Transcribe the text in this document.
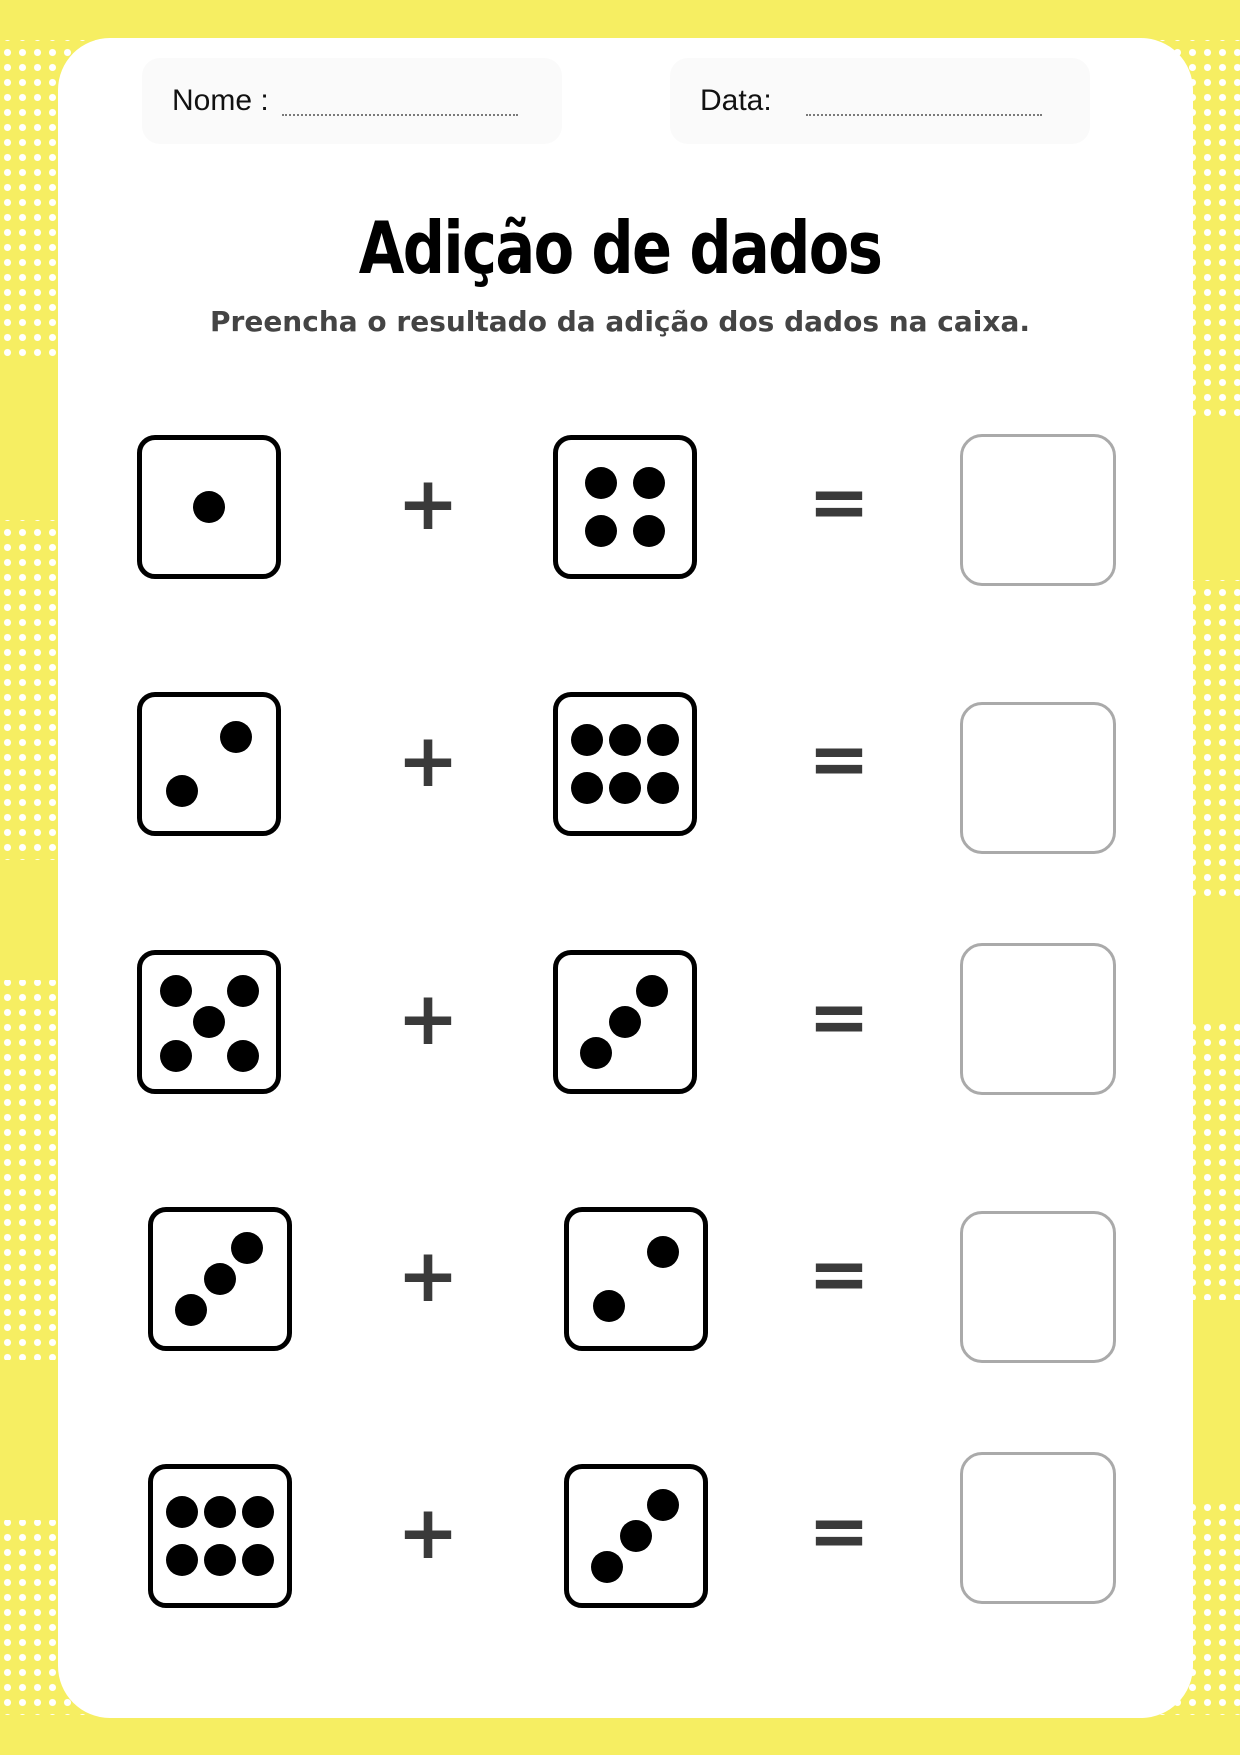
Nome :	Data:
Adição de dados

Preencha o resultado da adição dos dados na caixa.

+	=
+	=
+	=
+	=
+	=
